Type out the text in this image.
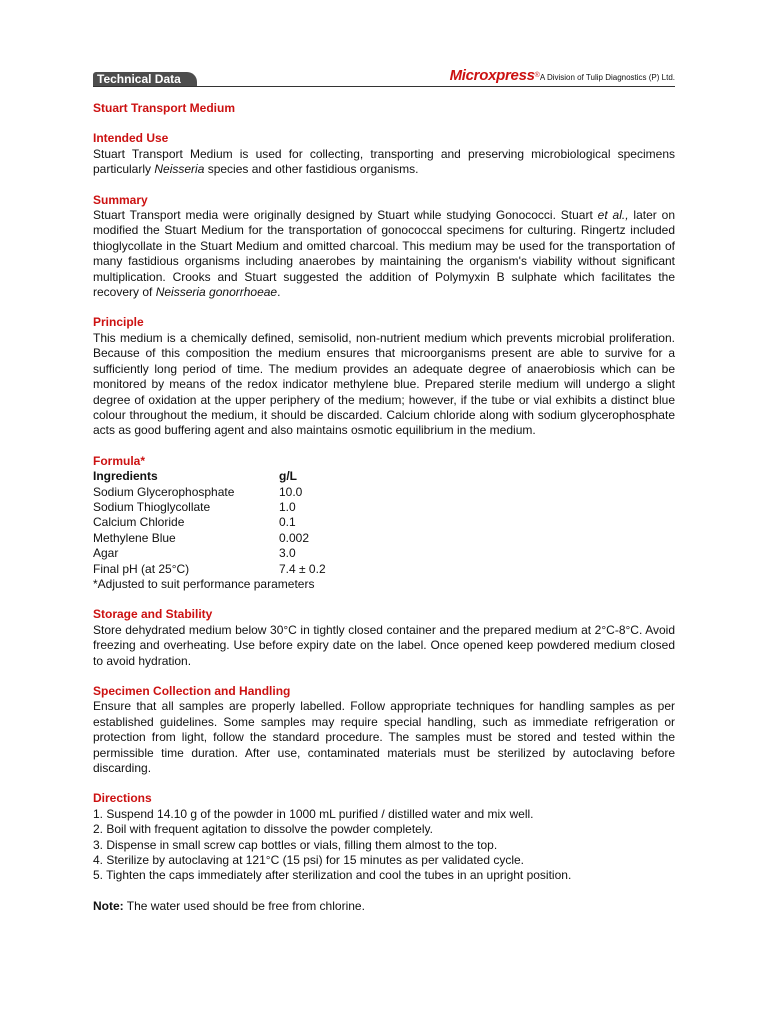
Technical Data	Microxpress®A Division of Tulip Diagnostics (P) Ltd.

Stuart Transport Medium

Intended Use

Stuart Transport Medium is used for collecting, transporting and preserving microbiological specimens particularly Neisseria species and other fastidious organisms.

Summary

Stuart Transport media were originally designed by Stuart while studying Gonococci. Stuart et al., later on modified the Stuart Medium for the transportation of gonococcal specimens for culturing. Ringertz included thioglycollate in the Stuart Medium and omitted charcoal. This medium may be used for the transportation of many fastidious organisms including anaerobes by maintaining the organism's viability without significant multiplication. Crooks and Stuart suggested the addition of Polymyxin B sulphate which facilitates the recovery of Neisseria gonorrhoeae.

Principle

This medium is a chemically defined, semisolid, non-nutrient medium which prevents microbial proliferation. Because of this composition the medium ensures that microorganisms present are able to survive for a sufficiently long period of time. The medium provides an adequate degree of anaerobiosis which can be monitored by means of the redox indicator methylene blue. Prepared sterile medium will undergo a slight degree of oxidation at the upper periphery of the medium; however, if the tube or vial exhibits a distinct blue colour throughout the medium, it should be discarded. Calcium chloride along with sodium glycerophosphate acts as good buffering agent and also maintains osmotic equilibrium in the medium.

Formula*

Ingredients	g/L
Sodium Glycerophosphate	10.0
Sodium Thioglycollate	1.0
Calcium Chloride	0.1
Methylene Blue	0.002
Agar	3.0
Final pH (at 25°C)	7.4 ± 0.2

*Adjusted to suit performance parameters

Storage and Stability

Store dehydrated medium below 30°C in tightly closed container and the prepared medium at 2°C-8°C. Avoid freezing and overheating. Use before expiry date on the label. Once opened keep powdered medium closed to avoid hydration.

Specimen Collection and Handling

Ensure that all samples are properly labelled. Follow appropriate techniques for handling samples as per established guidelines. Some samples may require special handling, such as immediate refrigeration or protection from light, follow the standard procedure. The samples must be stored and tested within the permissible time duration. After use, contaminated materials must be sterilized by autoclaving before discarding.

Directions

1. Suspend 14.10 g of the powder in 1000 mL purified / distilled water and mix well.
2. Boil with frequent agitation to dissolve the powder completely.
3. Dispense in small screw cap bottles or vials, filling them almost to the top.
4. Sterilize by autoclaving at 121°C (15 psi) for 15 minutes as per validated cycle.
5. Tighten the caps immediately after sterilization and cool the tubes in an upright position.

Note: The water used should be free from chlorine.
